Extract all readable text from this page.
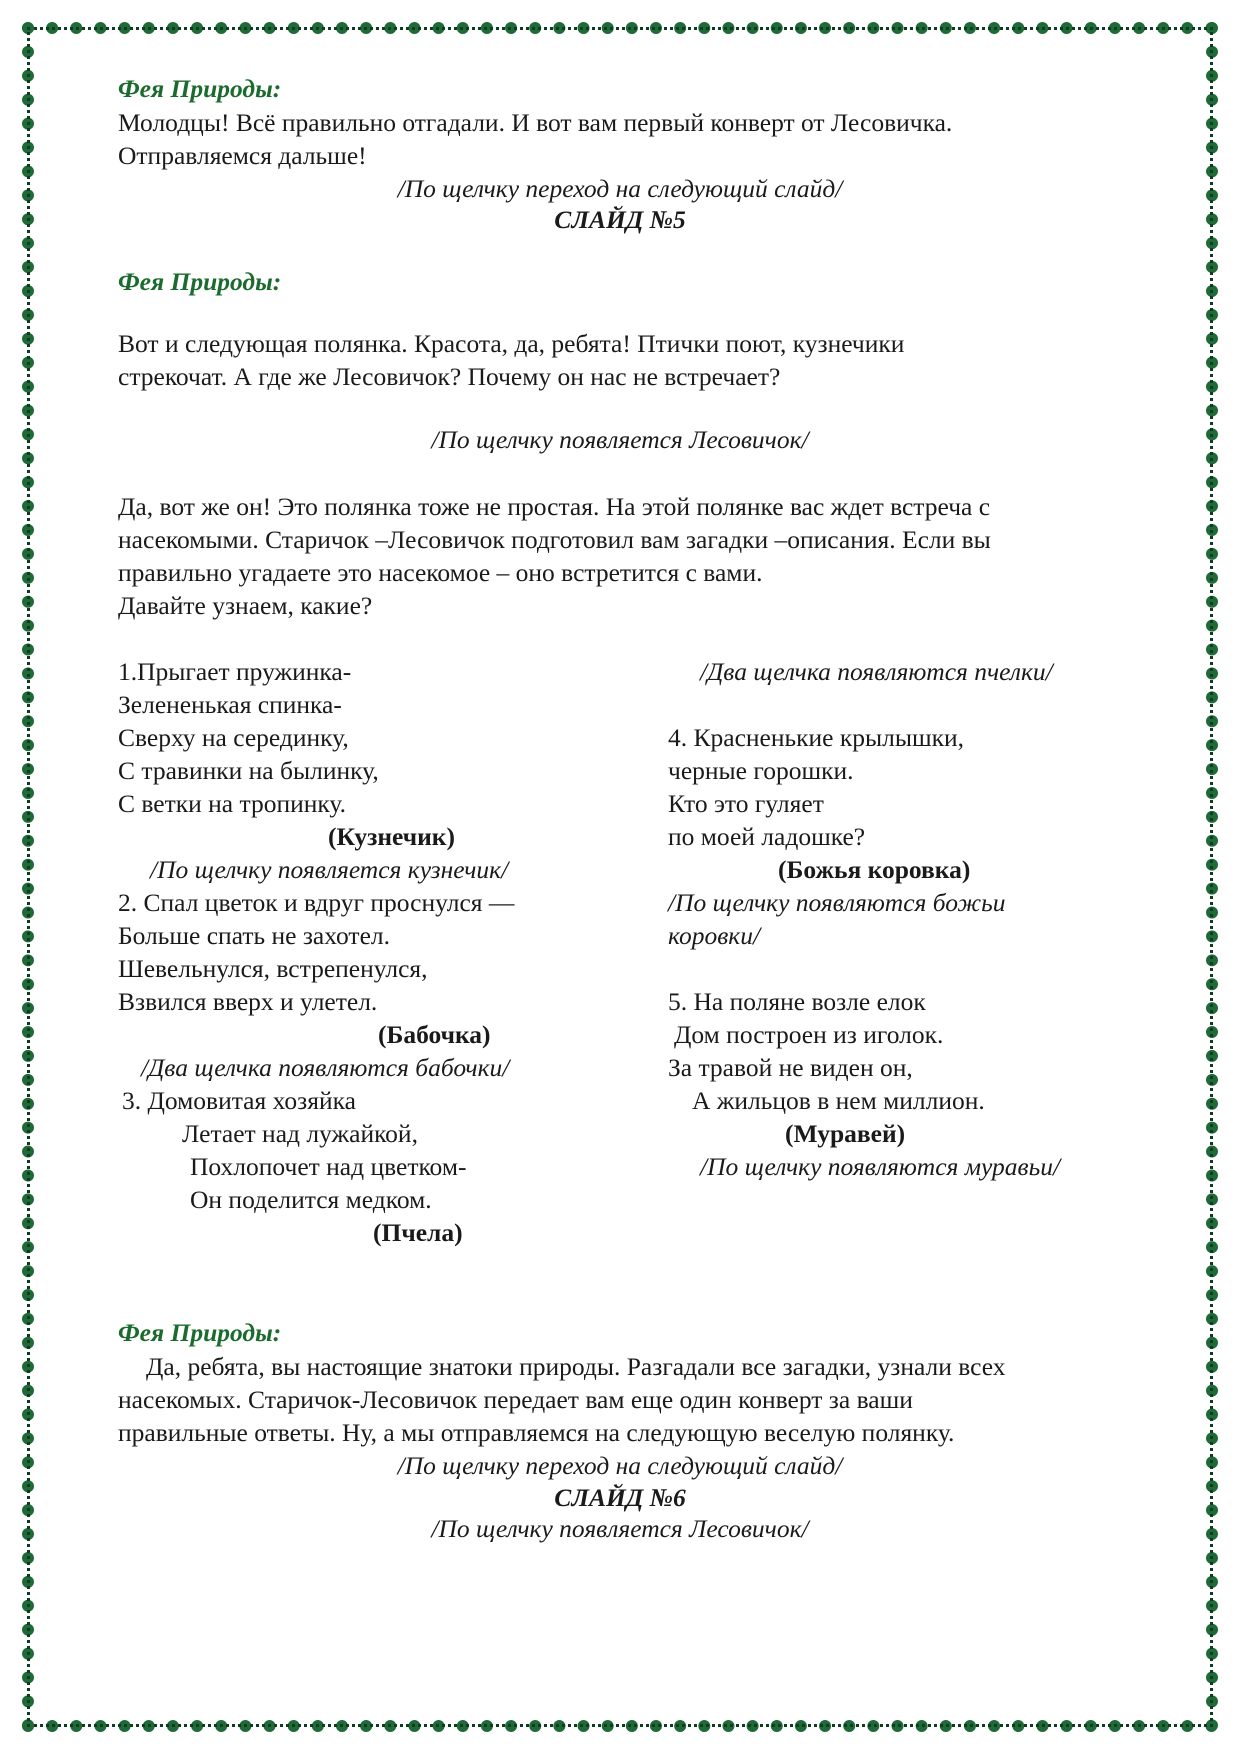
Фея Природы:
Молодцы! Всё правильно отгадали. И вот вам первый конверт от Лесовичка.
Отправляемся дальше!
/По щелчку переход на следующий слайд/
СЛАЙД №5
Фея Природы:
Вот и следующая полянка. Красота, да, ребята! Птички поют, кузнечики
стрекочат. А где же Лесовичок? Почему он нас не встречает?
/По щелчку появляется Лесовичок/
Да, вот же он! Это полянка тоже не простая. На этой полянке вас ждет встреча с
насекомыми. Старичок –Лесовичок подготовил вам загадки –описания. Если вы
правильно угадаете это насекомое – оно встретится с вами.
Давайте узнаем, какие?
1.Прыгает пружинка-
Зелененькая спинка-
Сверху на серединку,
С травинки на былинку,
С ветки на тропинку.
(Кузнечик)
/По щелчку появляется кузнечик/
2. Спал цветок и вдруг проснулся —
Больше спать не захотел.
Шевельнулся, встрепенулся,
Взвился вверх и улетел.
(Бабочка)
/Два щелчка появляются бабочки/
3. Домовитая хозяйка
Летает над лужайкой,
Похлопочет над цветком-
Он поделится медком.
(Пчела)
/Два щелчка появляются пчелки/
4. Красненькие крылышки,
черные горошки.
Кто это гуляет
по моей ладошке?
(Божья коровка)
/По щелчку появляются божьи
коровки/
5. На поляне возле елок
Дом построен из иголок.
За травой не виден он,
А жильцов в нем миллион.
(Муравей)
/По щелчку появляются муравьи/
Фея Природы:
Да, ребята, вы настоящие знатоки природы. Разгадали все загадки, узнали всех
насекомых. Старичок-Лесовичок передает вам еще один конверт за ваши
правильные ответы. Ну, а мы отправляемся на следующую веселую полянку.
/По щелчку переход на следующий слайд/
СЛАЙД №6
/По щелчку появляется Лесовичок/
